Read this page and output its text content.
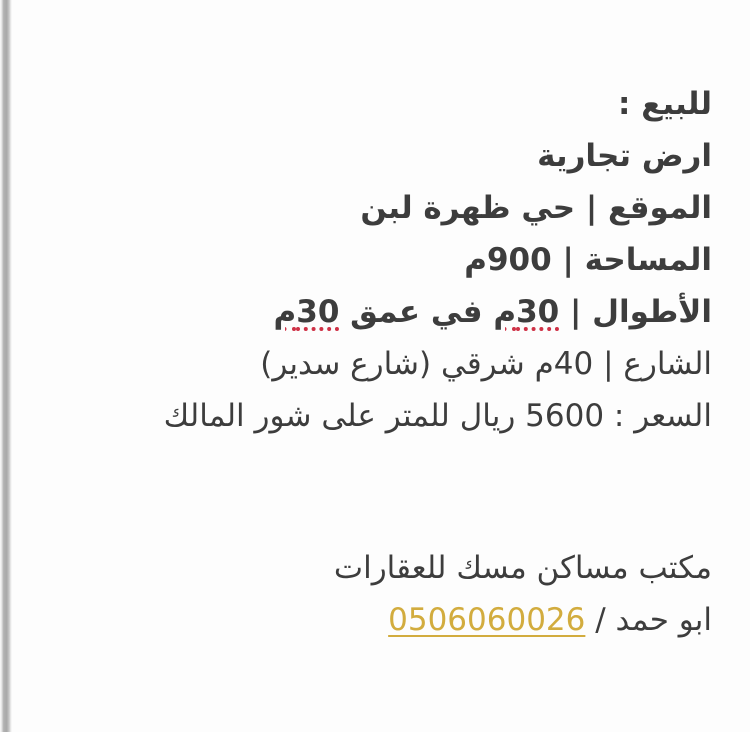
للبيع :

ارض تجارية

الموقع | حي ظهرة لبن

المساحة | 900م

الأطوال | 30م في عمق 30م

الشارع | 40م شرقي (شارع سدير)

السعر : 5600 ريال للمتر على شور المالك

مكتب مساكن مسك للعقارات

ابو حمد / 0506060026
